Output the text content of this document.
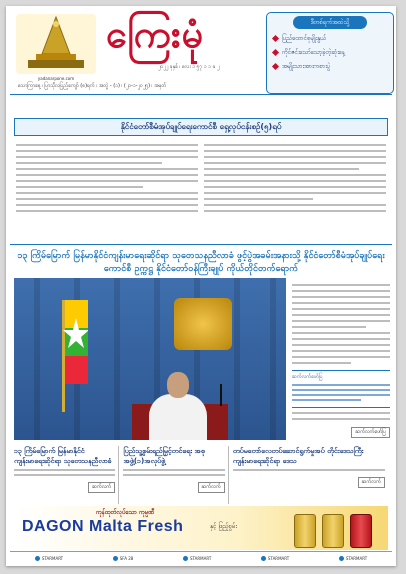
yadanarpone.com
ကြေးမုံ
၂၀၂၂ ခုနှစ် ၊ လေး ၁ ၅၇ ၁ ၁ ခ ၂
သောကြာနေ့ ၊ ပြာသိုလပြည့်ကျော် (၈)ရက် ၊ အတွဲ - (၁) ၊ (၂၁-၁-၂၀၂၅) ၊ အမှတ်
ဒီတစ်ရက်အထဲသို့
ပြည်ထောင်စုမျိုးနွယ်
ကိုင်ဇင်းသော်သော့ခဲ့တဲ့ဆုံးနေ့
အမျိုးသားအားကစားပွဲ
နိုင်ငံတော်စီမံအုပ်ချုပ်ရေးကောင်စီ ရှေ့လုပ်ငန်းစဉ်(၅)ရပ်
၁၃ ကြိမ်မြောက် မြန်မာနိုင်ငံကျန်းမာရေးဆိုင်ရာ သုတေသနညီလာခံ ဖွင့်ပွဲအခမ်းအနားသို့ နိုင်ငံတော်စီမံအုပ်ချုပ်ရေးကောင်စီ ဥက္ကဋ္ဌ နိုင်ငံတော်ဝန်ကြီးချုပ် ကိုယ်တိုင်တက်ရောက်
ဆက်လက်ဖော်ပြ
ဆက်လက်ဖော်ပြ
၁၃ ကြိမ်မြောက် မြန်မာနိုင်ငံ ကျန်းမာရေးဆိုင်ရာ သုတေသနညီလာခံ
ဆက်လက်
ပြည်သူ့စွမ်းရည်မြှင့်တင်ရေး အစုအဖွဲ့(၁)အလုပ်ဖွဲ့
ဆက်လက်
တပ်မတော်လေတပ်ဆောင်ရွက်မှုအပ် တိုင်းဒေသကြီး ကျန်းမာရေးဆိုင်ရာ ဒေသ
ဆက်လက်
ကုန်ထုတ်လုပ်သော ကုမ္ပဏီ
DAGON Malta Fresh	နှင့် ဖြည့်စွမ်း
STARMART	SFA 28	STARMART	STARMART	STARMART
